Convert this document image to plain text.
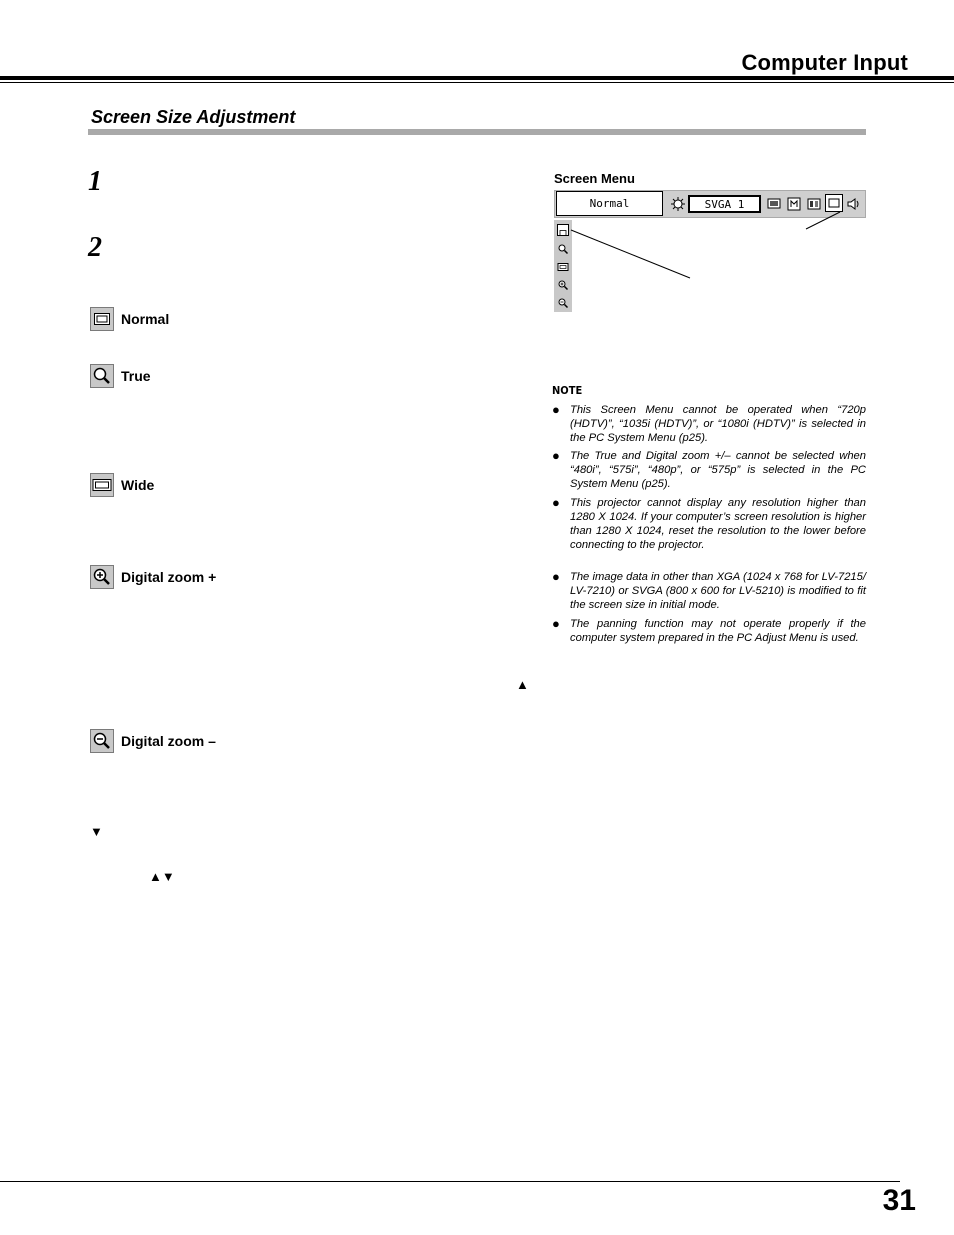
Computer Input
Screen Size Adjustment
1
2
Normal
True
Wide
Digital zoom +
▲
Digital zoom –
▼
▲▼
Screen Menu
Normal	SVGA 1
NOTE
● This Screen Menu cannot be operated when “720p (HDTV)”, “1035i (HDTV)”, or “1080i (HDTV)” is selected in the PC System Menu (p25).
● The True and Digital zoom +/– cannot be selected when “480i”, “575i”, “480p”, or “575p” is selected in the PC System Menu (p25).
● This projector cannot display any resolution higher than 1280 X 1024. If your computer’s screen resolution is higher than 1280 X 1024, reset the resolution to the lower before connecting to the projector.
● The image data in other than XGA (1024 x 768 for LV-7215/ LV-7210) or SVGA (800 x 600 for LV-5210) is modified to fit the screen size in initial mode.
● The panning function may not operate properly if the computer system prepared in the PC Adjust Menu is used.
31
